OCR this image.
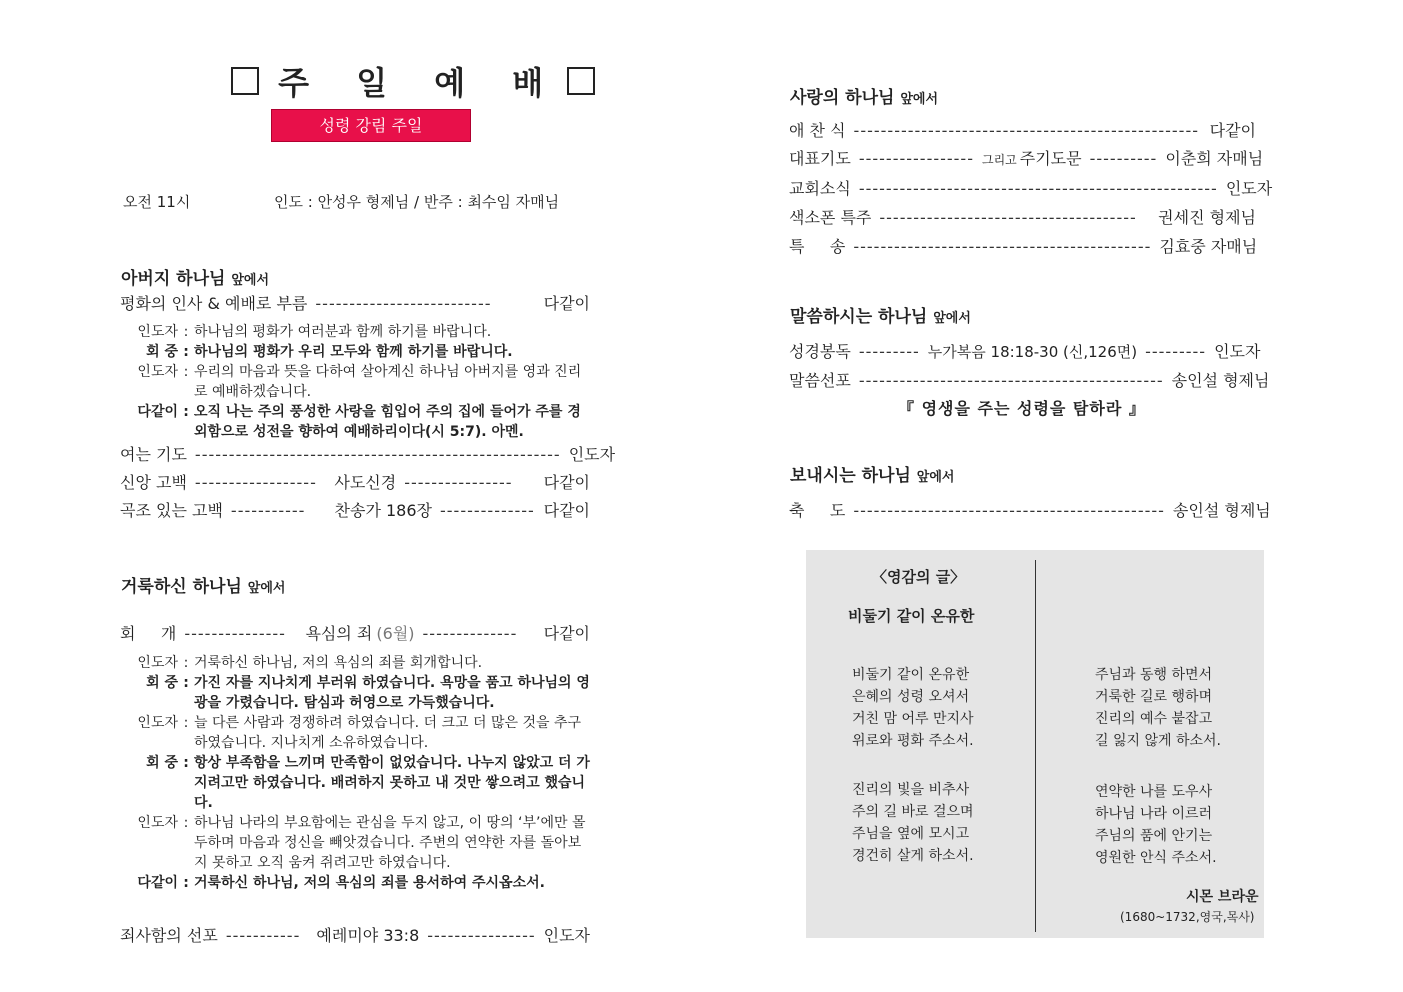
주 일 예 배
성령 강림 주일
오전 11시	인도 : 안성우 형제님 / 반주 : 최수임 자매님
아버지 하나님 앞에서
평화의 인사 & 예배로 부름 --------------------------	다같이
인도자 : 하나님의 평화가 여러분과 함께 하기를 바랍니다.
회 중 : 하나님의 평화가 우리 모두와 함께 하기를 바랍니다.
인도자 : 우리의 마음과 뜻을 다하여 살아계신 하나님 아버지를 영과 진리로 예배하겠습니다.
다같이 : 오직 나는 주의 풍성한 사랑을 힘입어 주의 집에 들어가 주를 경외함으로 성전을 향하여 예배하리이다(시 5:7). 아멘.
여는 기도 ------------------------------------------------------ 인도자
신앙 고백 ------------------	사도신경 ----------------	다같이
곡조 있는 고백 -----------	찬송가 186장 -------------- 다같이
거룩하신 하나님 앞에서
회     개 ---------------	욕심의 죄 (6월) --------------	다같이
인도자 : 거룩하신 하나님, 저의 욕심의 죄를 회개합니다.
회 중 : 가진 자를 지나치게 부러워 하였습니다. 욕망을 품고 하나님의 영광을 가렸습니다. 탐심과 허영으로 가득했습니다.
인도자 : 늘 다른 사람과 경쟁하려 하였습니다. 더 크고 더 많은 것을 추구하였습니다. 지나치게 소유하였습니다.
회 중 : 항상 부족함을 느끼며 만족함이 없었습니다. 나누지 않았고 더 가지려고만 하였습니다. 배려하지 못하고 내 것만 쌓으려고 했습니다.
인도자 : 하나님 나라의 부요함에는 관심을 두지 않고, 이 땅의 ‘부’에만 몰두하며 마음과 정신을 빼앗겼습니다. 주변의 연약한 자를 돌아보지 못하고 오직 움켜 쥐려고만 하였습니다.
다같이 : 거룩하신 하나님, 저의 욕심의 죄를 용서하여 주시옵소서.
죄사함의 선포 -----------	예레미야 33:8 ---------------- 인도자
사랑의 하나님 앞에서
애 찬 식 --------------------------------------------------- 다같이
대표기도 ----------------- 그리고 주기도문 ---------- 이춘희 자매님
교회소식 ----------------------------------------------------- 인도자
색소폰 특주 --------------------------------------	권세진 형제님
특     송 -------------------------------------------- 김효중 자매님
말씀하시는 하나님 앞에서
성경봉독 --------- 누가복음 18:18-30 (신,126면) --------- 인도자
말씀선포 --------------------------------------------- 송인설 형제님
『 영생을 주는 성령을 탐하라 』
보내시는 하나님 앞에서
축     도 ---------------------------------------------- 송인설 형제님
〈영감의 글〉
비둘기 같이 온유한
비둘기 같이 온유한
은혜의 성령 오셔서
거친 맘 어루 만지사
위로와 평화 주소서.
진리의 빛을 비추사
주의 길 바로 걸으며
주님을 옆에 모시고
경건히 살게 하소서.
주님과 동행 하면서
거룩한 길로 행하며
진리의 예수 붙잡고
길 잃지 않게 하소서.
연약한 나를 도우사
하나님 나라 이르러
주님의 품에 안기는
영원한 안식 주소서.
시몬 브라운
(1680~1732,영국,목사)
